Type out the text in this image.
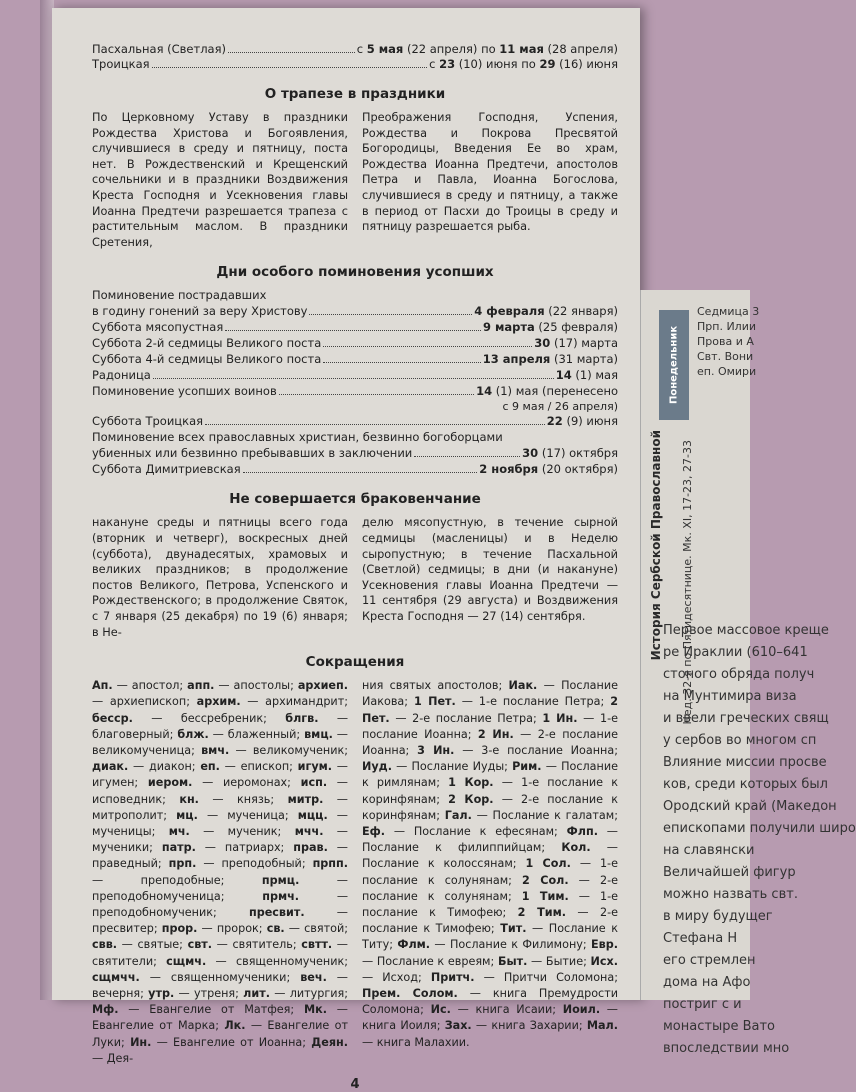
Пасхальная (Светлая)	с 5 мая (22 апреля) по 11 мая (28 апреля)
Троицкая	с 23 (10) июня по 29 (16) июня
О трапезе в праздники
По Церковному Уставу в праздники Рождества Христова и Богоявления, случившиеся в среду и пятницу, поста нет. В Рождественский и Крещенский сочельники и в праздники Воздвижения Креста Господня и Усекновения главы Иоанна Предтечи разрешается трапеза с растительным маслом. В праздники Сретения,
Преображения Господня, Успения, Рождества и Покрова Пресвятой Богородицы, Введения Ее во храм, Рождества Иоанна Предтечи, апостолов Петра и Павла, Иоанна Богослова, случившиеся в среду и пятницу, а также в период от Пасхи до Троицы в среду и пятницу разрешается рыба.
Дни особого поминовения усопших
Поминовение пострадавших
в годину гонений за веру Христову	4 февраля (22 января)
Суббота мясопустная	9 марта (25 февраля)
Суббота 2-й седмицы Великого поста	30 (17) марта
Суббота 4-й седмицы Великого поста	13 апреля (31 марта)
Радоница	14 (1) мая
Поминовение усопших воинов	14 (1) мая (перенесено
с 9 мая / 26 апреля)
Суббота Троицкая	22 (9) июня
Поминовение всех православных христиан, безвинно богоборцами
убиенных или безвинно пребывавших в заключении	30 (17) октября
Суббота Димитриевская	2 ноября (20 октября)
Не совершается браковенчание
накануне среды и пятницы всего года (вторник и четверг), воскресных дней (суббота), двунадесятых, храмовых и великих праздников; в продолжение постов Великого, Петрова, Успенского и Рождественского; в продолжение Святок, с 7 января (25 декабря) по 19 (6) января; в Не-
делю мясопустную, в течение сырной седмицы (масленицы) и в Неделю сыропустную; в течение Пасхальной (Светлой) седмицы; в дни (и накануне) Усекновения главы Иоанна Предтечи — 11 сентября (29 августа) и Воздвижения Креста Господня — 27 (14) сентября.
Сокращения
Ап. — апостол; апп. — апостолы; архиеп. — архиепископ; архим. — архимандрит; бесср. — бессребреник; блгв. — благоверный; блж. — блаженный; вмц. — великомученица; вмч. — великомученик; диак. — диакон; еп. — епископ; игум. — игумен; иером. — иеромонах; исп. — исповедник; кн. — князь; митр. — митрополит; мц. — мученица; мцц. — мученицы; мч. — мученик; мчч. — мученики; патр. — патриарх; прав. — праведный; прп. — преподобный; прпп. — преподобные; прмц. — преподобномученица; прмч. — преподобномученик; пресвит. — пресвитер; прор. — пророк; св. — святой; свв. — святые; свт. — святитель; свтт. — святители; сщмч. — священномученик; сщмчч. — священномученики; веч. — вечерня; утр. — утреня; лит. — литургия; Мф. — Евангелие от Матфея; Мк. — Евангелие от Марка; Лк. — Евангелие от Луки; Ин. — Евангелие от Иоанна; Деян. — Дея-
ния святых апостолов; Иак. — Послание Иакова; 1 Пет. — 1-е послание Петра; 2 Пет. — 2-е послание Петра; 1 Ин. — 1-е послание Иоанна; 2 Ин. — 2-е послание Иоанна; 3 Ин. — 3-е послание Иоанна; Иуд. — Послание Иуды; Рим. — Послание к римлянам; 1 Кор. — 1-е послание к коринфянам; 2 Кор. — 2-е послание к коринфянам; Гал. — Послание к галатам; Еф. — Послание к ефесянам; Флп. — Послание к филиппийцам; Кол. — Послание к колоссянам; 1 Сол. — 1-е послание к солунянам; 2 Сол. — 2-е послание к солунянам; 1 Тим. — 1-е послание к Тимофею; 2 Тим. — 2-е послание к Тимофею; Тит. — Послание к Титу; Флм. — Послание к Филимону; Евр. — Послание к евреям; Быт. — Бытие; Исх. — Исход; Притч. — Притчи Соломона; Прем. Солом. — книга Премудрости Соломона; Ис. — книга Исаии; Иоил. — книга Иоиля; Зах. — книга Захарии; Мал. — книга Малахии.
4
Понедельник
Седмица 3
Прп. Илии
Прова и А
Свт. Вони
еп. Омири
История Сербской Православной Нед. 32-я по Пятидесятнице. Мк. XI, 17-23, 27-33
Первое массовое креще
ре Ираклии (610–641
стоного обряда получ
на Мунтимира виза
и ввели греческих свящ
у сербов во многом сп
Влияние миссии просве
ков, среди которых был
Ородский край (Македон
епископами получили широ
на славянски
Величайшей фигур
можно назвать свт.
в миру будущег
Стефана Н
его стремлен
дома на Афо
постриг с и
монастыре Вато
впоследствии мно
